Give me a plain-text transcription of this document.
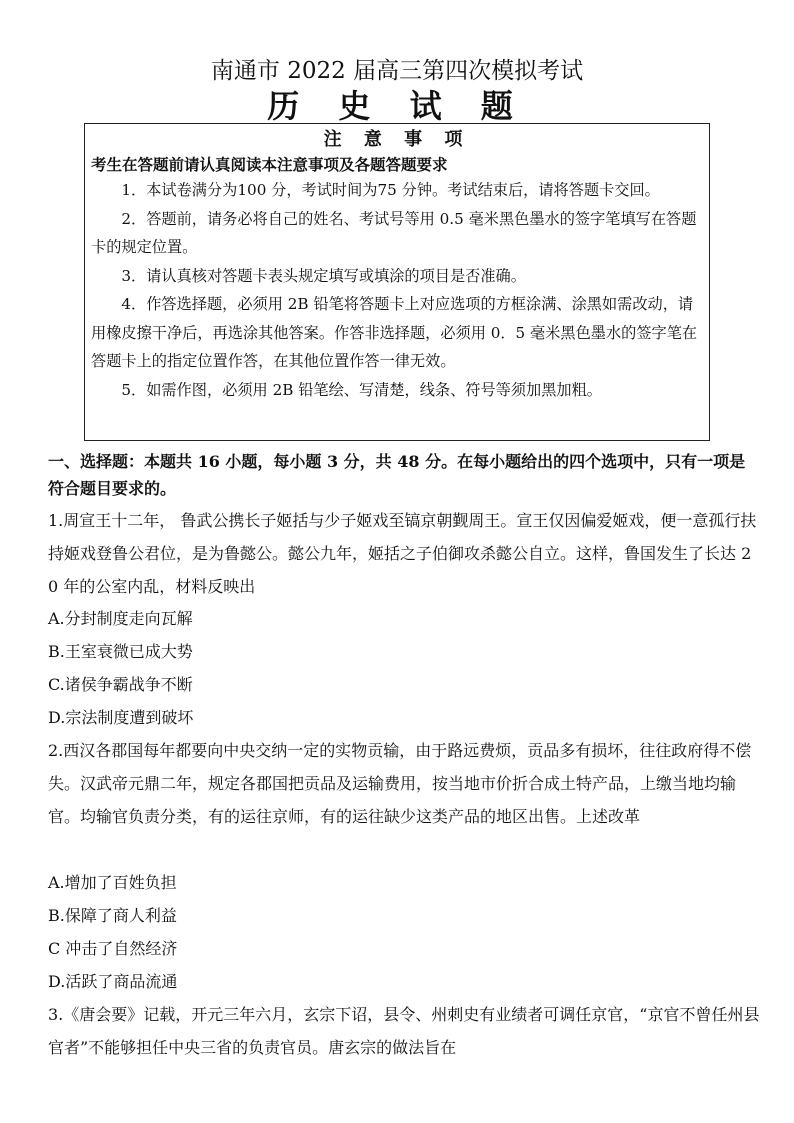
南通市 2022 届高三第四次模拟考试
历 史 试 题
注 意 事 项
考生在答题前请认真阅读本注意事项及各题答题要求

1．本试卷满分为100 分，考试时间为75 分钟。考试结束后，请将答题卡交回。

2．答题前，请务必将自己的姓名、考试号等用 0.5 毫米黑色墨水的签字笔填写在答题卡的规定位置。

3．请认真核对答题卡表头规定填写或填涂的项目是否准确。

4．作答选择题，必须用 2B 铅笔将答题卡上对应选项的方框涂满、涂黑如需改动，请用橡皮擦干净后，再选涂其他答案。作答非选择题，必须用 0．5 毫米黑色墨水的签字笔在答题卡上的指定位置作答，在其他位置作答一律无效。

5．如需作图，必须用 2B 铅笔绘、写清楚，线条、符号等须加黑加粗。

一、选择题：本题共 16 小题，每小题 3 分，共 48 分。在每小题给出的四个选项中，只有一项是符合题目要求的。
1.周宣王十二年， 鲁武公携长子姬括与少子姬戏至镐京朝觐周王。宣王仅因偏爱姬戏，便一意孤行扶持姬戏登鲁公君位，是为鲁懿公。懿公九年，姬括之子伯御攻杀懿公自立。这样，鲁国发生了长达 20 年的公室内乱，材料反映出
A.分封制度走向瓦解
B.王室衰微已成大势
C.诸侯争霸战争不断
D.宗法制度遭到破坏
2.西汉各郡国每年都要向中央交纳一定的实物贡输，由于路远费烦，贡品多有损坏，往往政府得不偿失。汉武帝元鼎二年，规定各郡国把贡品及运输费用，按当地市价折合成土特产品，上缴当地均输官。均输官负责分类，有的运往京师，有的运往缺少这类产品的地区出售。上述改革
A.增加了百姓负担
B.保障了商人利益
C 冲击了自然经济
D.活跃了商品流通
3.《唐会要》记载，开元三年六月，玄宗下诏，县令、州刺史有业绩者可调任京官，“京官不曾任州县官者”不能够担任中央三省的负责官员。唐玄宗的做法旨在
